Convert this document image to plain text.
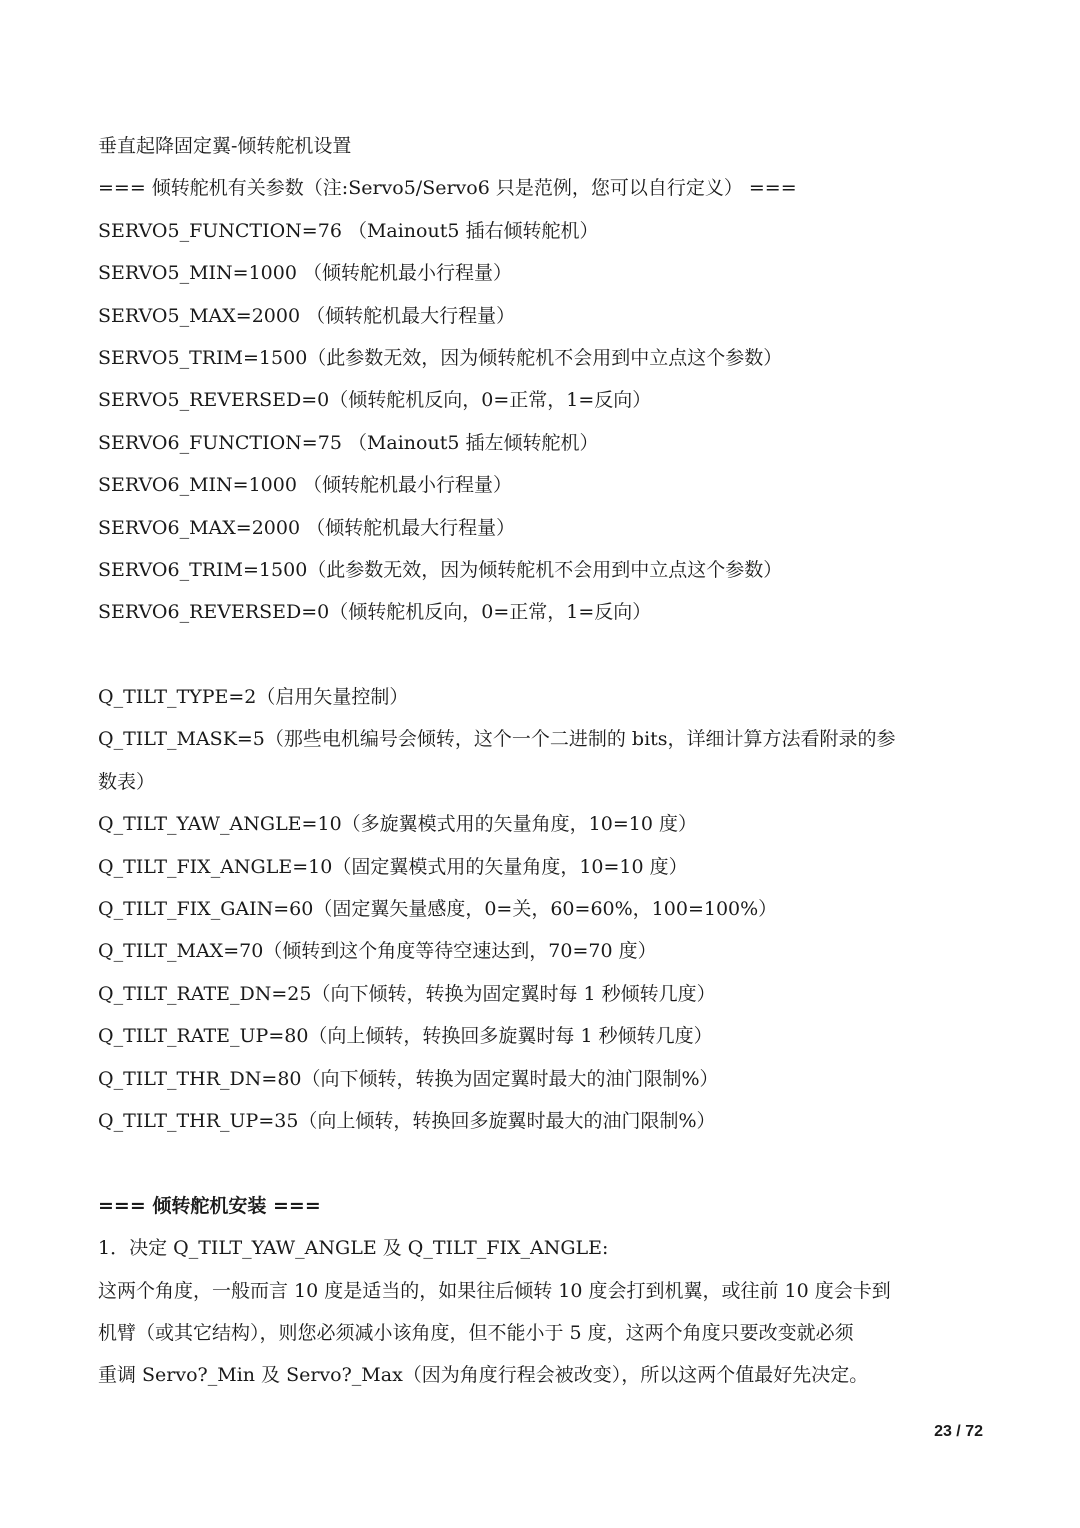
垂直起降固定翼-倾转舵机设置
=== 倾转舵机有关参数（注:Servo5/Servo6 只是范例，您可以自行定义） ===
SERVO5_FUNCTION=76 （Mainout5 插右倾转舵机）
SERVO5_MIN=1000 （倾转舵机最小行程量）
SERVO5_MAX=2000 （倾转舵机最大行程量）
SERVO5_TRIM=1500（此参数无效，因为倾转舵机不会用到中立点这个参数）
SERVO5_REVERSED=0（倾转舵机反向，0=正常，1=反向）
SERVO6_FUNCTION=75 （Mainout5 插左倾转舵机）
SERVO6_MIN=1000 （倾转舵机最小行程量）
SERVO6_MAX=2000 （倾转舵机最大行程量）
SERVO6_TRIM=1500（此参数无效，因为倾转舵机不会用到中立点这个参数）
SERVO6_REVERSED=0（倾转舵机反向，0=正常，1=反向）
Q_TILT_TYPE=2（启用矢量控制）
Q_TILT_MASK=5（那些电机编号会倾转，这个一个二进制的 bits，详细计算方法看附录的参
数表）
Q_TILT_YAW_ANGLE=10（多旋翼模式用的矢量角度，10=10 度）
Q_TILT_FIX_ANGLE=10（固定翼模式用的矢量角度，10=10 度）
Q_TILT_FIX_GAIN=60（固定翼矢量感度，0=关，60=60%，100=100%）
Q_TILT_MAX=70（倾转到这个角度等待空速达到，70=70 度）
Q_TILT_RATE_DN=25（向下倾转，转换为固定翼时每 1 秒倾转几度）
Q_TILT_RATE_UP=80（向上倾转，转换回多旋翼时每 1 秒倾转几度）
Q_TILT_THR_DN=80（向下倾转，转换为固定翼时最大的油门限制%）
Q_TILT_THR_UP=35（向上倾转，转换回多旋翼时最大的油门限制%）
=== 倾转舵机安装 ===
1．决定 Q_TILT_YAW_ANGLE 及 Q_TILT_FIX_ANGLE:
这两个角度，一般而言 10 度是适当的，如果往后倾转 10 度会打到机翼，或往前 10 度会卡到
机臂（或其它结构），则您必须减小该角度，但不能小于 5 度，这两个角度只要改变就必须
重调 Servo?_Min 及 Servo?_Max（因为角度行程会被改变），所以这两个值最好先决定。
23 / 72
